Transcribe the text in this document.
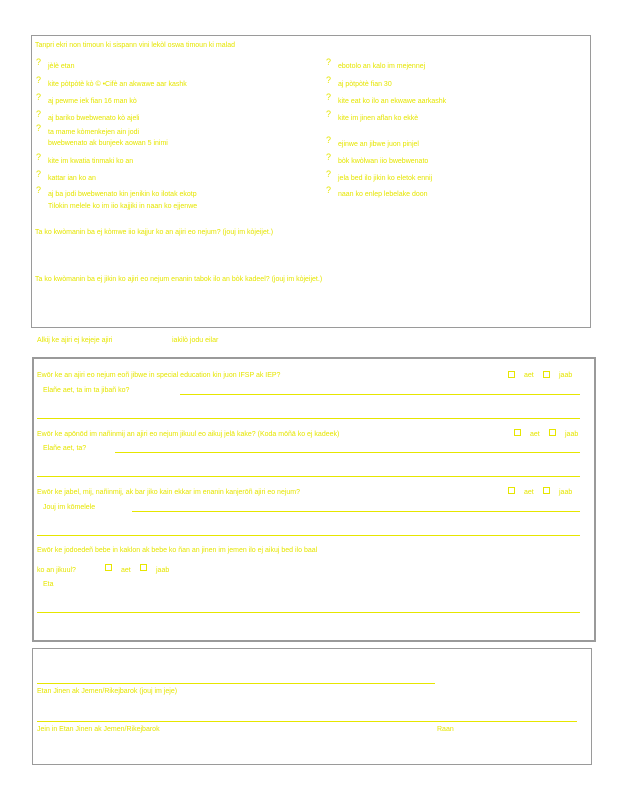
Tanpri ekri non timoun ki sispann vini lekòl oswa timoun ki malad
? jèlè etan
? kite pòtpòtè kò © •Cifè an akwawe aar kashk
? aj pewme iek fian 16 man kò
? aj bariko bwebwenato kò ajeli
? ta mame kòmenkejen ain jodi
bwebwenato ak bunjeek aowan 5 inimi
? kite im kwatia tinmaki ko an
? kattar ian ko an
? aj ba jodi bwebwenato kin jenikin ko ilotak ekotp
Tilokin melele ko im iio kajjiki in naan ko ejjenwe
? ebotolo an kalo im mejennej
? aj pòtpòtè fian 30
? kite eat ko ilo an ekwawe aarkashk
? kite im jinen aflan ko ekkè
? ejinwe an jibwe juon pinjel
? bòk kwòlwan iio bwebwenato
? jela bed ilo jikin ko eletok ennij
? naan ko enlep lebelake doon
Ta ko kwòmanin ba ej kòmwe iio kajjur ko an ajiri eo nejum? (jouj im kòjeijet.)
Ta ko kwòmanin ba ej jikin ko ajiri eo nejum enanin tabok ilo an bòk kadeel? (jouj im kòjeijet.)
Alkij ke ajiri ej kejeje ajiri	iakilò jodu eilar
Ewōr ke an ajiri eo nejum eoñ jibwe in special education kin juon IFSP ak IEP?	aet	jaab
Elañe aet, ta im ta jibañ ko?
Ewōr ke apōnōd im nañinmij an ajiri eo nejum jikuul eo aikuj jelā kake? (Koda mōñā ko ej kadeek)	aet	jaab
Elañe aet, ta?
Ewōr ke jabel, mij, nañinmij, ak bar jiko kain ekkar im enanin kanjerōñ ajiri eo nejum?	aet	jaab
Jouj im kōmelele
Ewōr ke jodoedeñ bebe in kaklon ak bebe ko ñan an jinen im jemen ilo ej aikuj bed ilo baal
ko an jikuul?	aet	jaab
Eta
Etan Jinen ak Jemen/Rikejbarok (jouj im jeje)
Jein in Etan Jinen ak Jemen/Rikejbarok	Raan
